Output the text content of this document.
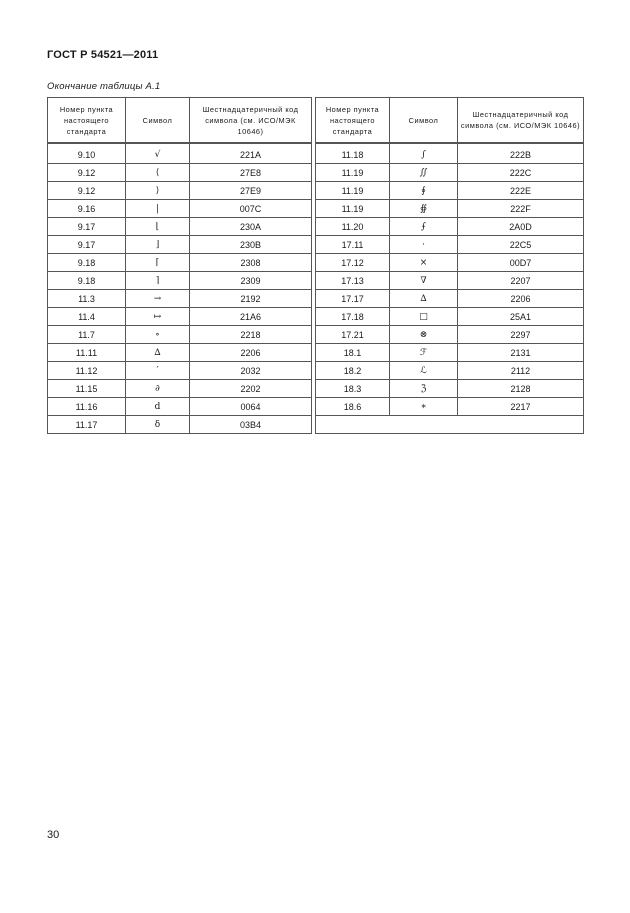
ГОСТ Р 54521—2011
Окончание таблицы А.1
Номер пункта настоящего стандарта	Символ	Шестнадцатеричный код символа (см. ИСО/МЭК 10646)
9.10	√	221A
9.12	⟨	27E8
9.12	⟩	27E9
9.16	|	007C
9.17	⌊	230A
9.17	⌋	230B
9.18	⌈	2308
9.18	⌉	2309
11.3	→	2192
11.4	↦	21A6
11.7	∘	2218
11.11	∆	2206
11.12	′	2032
11.15	∂	2202
11.16	d	0064
11.17	δ	03B4
Номер пункта настоящего стандарта	Символ	Шестнадцатеричный код символа (см. ИСО/МЭК 10646)
11.18	∫	222B
11.19	∬	222C
11.19	∮	222E
11.19	∯	222F
11.20	⨍	2A0D
17.11	·	22C5
17.12	×	00D7
17.13	∇	2207
17.17	∆	2206
17.18	□	25A1
17.21	⊗	2297
18.1	ℱ	2131
18.2	ℒ	2112
18.3	ℨ	2128
18.6	∗	2217

30
